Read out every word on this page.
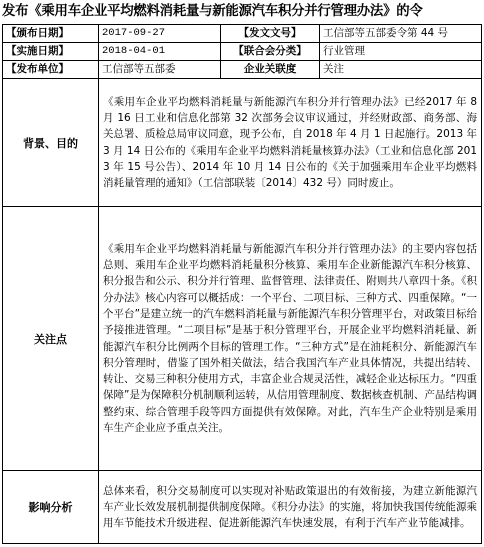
发布《乘用车企业平均燃料消耗量与新能源汽车积分并行管理办法》的令
【颁布日期】	2017-09-27	【发文文号】	工信部等五部委令第 44 号
【实施日期】	2018-04-01	【联合会分类】	行业管理
【发布单位】	工信部等五部委	企业关联度	关注
背景、目的	《乘用车企业平均燃料消耗量与新能源汽车积分并行管理办法》已经2017 年 8 月 16 日工业和信息化部第 32 次部务会议审议通过，并经财政部、商务部、海关总署、质检总局审议同意，现予公布，自 2018 年 4 月 1 日起施行。2013 年 3 月 14 日公布的《乘用车企业平均燃料消耗量核算办法》（工业和信息化部 2013 年 15 号公告）、2014 年 10 月 14 日公布的《关于加强乘用车企业平均燃料消耗量管理的通知》（工信部联装〔2014〕432 号）同时废止。
关注点	《乘用车企业平均燃料消耗量与新能源汽车积分并行管理办法》的主要内容包括总则、乘用车企业平均燃料消耗量积分核算、乘用车企业新能源汽车积分核算、积分报告和公示、积分并行管理、监督管理、法律责任、附则共八章四十条。《积分办法》核心内容可以概括成：一个平台、二项目标、三种方式、四重保障。“一个平台”是建立统一的汽车燃料消耗量与新能源汽车积分管理平台，对政策目标给予接推进管理。“二项目标”是基于积分管理平台，开展企业平均燃料消耗量、新能源汽车积分比例两个目标的管理工作。“三种方式”是在油耗积分、新能源汽车积分管理时，借鉴了国外相关做法，结合我国汽车产业具体情况，共提出结转、转让、交易三种积分使用方式，丰富企业合规灵活性，减轻企业达标压力。“四重保障”是为保障积分机制顺利运转，从信用管理制度、数据核查机制、产品结构调整约束、综合管理手段等四方面提供有效保障。对此，汽车生产企业特别是乘用车生产企业应予重点关注。
影响分析	总体来看，积分交易制度可以实现对补贴政策退出的有效衔接，为建立新能源汽车产业长效发展机制提供制度保障。《积分办法》的实施，将加快我国传统能源乘用车节能技术升级进程、促进新能源汽车快速发展，有利于汽车产业节能减排。
